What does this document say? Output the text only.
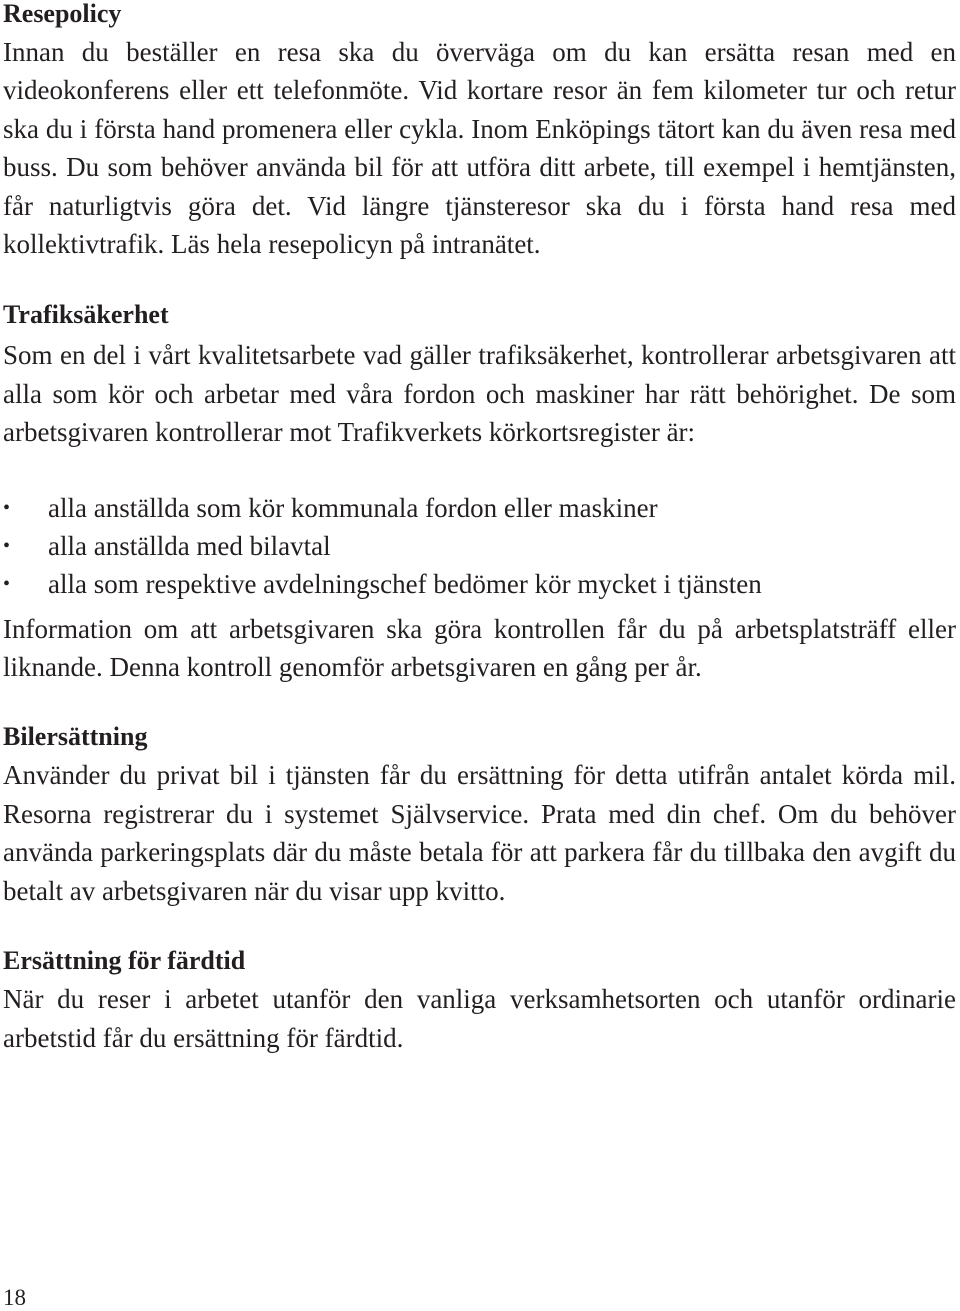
Resepolicy

Innan du beställer en resa ska du överväga om du kan ersätta resan med en videokonferens eller ett telefonmöte. Vid kortare resor än fem kilometer tur och retur ska du i första hand promenera eller cykla. Inom Enköpings tätort kan du även resa med buss. Du som behöver använda bil för att utföra ditt arbete, till exempel i hemtjänsten, får naturligtvis göra det. Vid längre tjänsteresor ska du i första hand resa med kollektivtrafik. Läs hela resepolicyn på intranätet.

Trafiksäkerhet

Som en del i vårt kvalitetsarbete vad gäller trafiksäkerhet, kontrollerar arbetsgivaren att alla som kör och arbetar med våra fordon och maskiner har rätt behörighet. De som arbetsgivaren kontrollerar mot Trafikverkets körkortsregister är:

• alla anställda som kör kommunala fordon eller maskiner
• alla anställda med bilavtal
• alla som respektive avdelningschef bedömer kör mycket i tjänsten

Information om att arbetsgivaren ska göra kontrollen får du på arbetsplatsträff eller liknande. Denna kontroll genomför arbetsgivaren en gång per år.

Bilersättning

Använder du privat bil i tjänsten får du ersättning för detta utifrån antalet körda mil. Resorna registrerar du i systemet Självservice. Prata med din chef. Om du behöver använda parkeringsplats där du måste betala för att parkera får du tillbaka den avgift du betalt av arbetsgivaren när du visar upp kvitto.

Ersättning för färdtid

När du reser i arbetet utanför den vanliga verksamhetsorten och utanför ordinarie arbetstid får du ersättning för färdtid.

18
